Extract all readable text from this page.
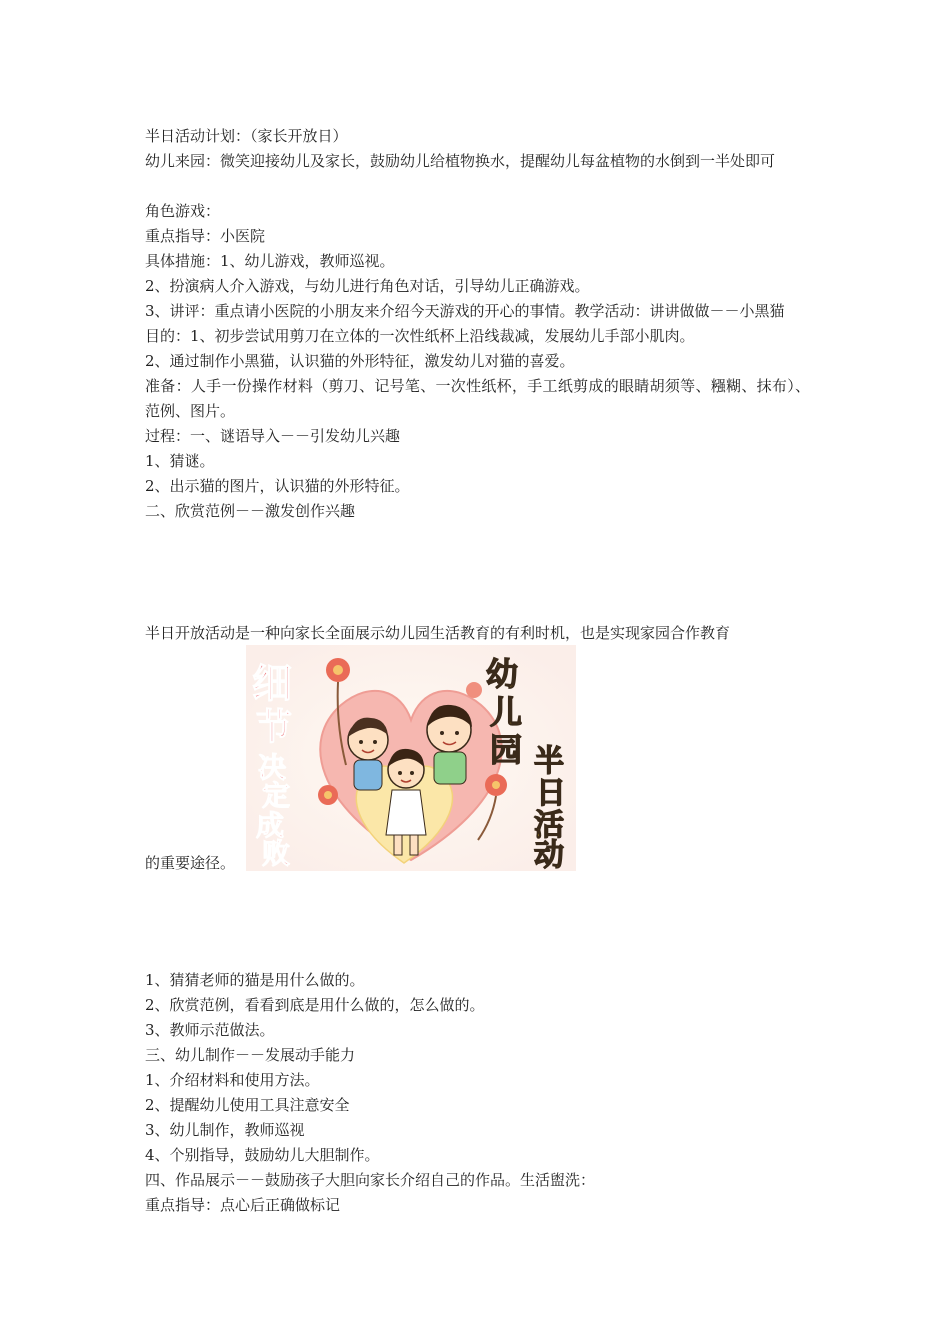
半日活动计划：（家长开放日）
幼儿来园：微笑迎接幼儿及家长，鼓励幼儿给植物换水，提醒幼儿每盆植物的水倒到一半处即可
角色游戏：
重点指导：小医院
具体措施：1、幼儿游戏，教师巡视。
2、扮演病人介入游戏，与幼儿进行角色对话，引导幼儿正确游戏。
3、讲评：重点请小医院的小朋友来介绍今天游戏的开心的事情。教学活动：讲讲做做－－小黑猫
目的：1、初步尝试用剪刀在立体的一次性纸杯上沿线裁减，发展幼儿手部小肌肉。
2、通过制作小黑猫，认识猫的外形特征，激发幼儿对猫的喜爱。
准备：人手一份操作材料（剪刀、记号笔、一次性纸杯，手工纸剪成的眼睛胡须等、糨糊、抹布）、范例、图片。
过程：一、谜语导入－－引发幼儿兴趣
1、猜谜。
2、出示猫的图片，认识猫的外形特征。
二、欣赏范例－－激发创作兴趣
半日开放活动是一种向家长全面展示幼儿园生活教育的有利时机，也是实现家园合作教育
细
节
决
定
成
败
幼
儿
园 半
日
活
动
的重要途径。
1、猜猜老师的猫是用什么做的。
2、欣赏范例，看看到底是用什么做的，怎么做的。
3、教师示范做法。
三、幼儿制作－－发展动手能力
1、介绍材料和使用方法。
2、提醒幼儿使用工具注意安全
3、幼儿制作，教师巡视
4、个别指导，鼓励幼儿大胆制作。
四、作品展示－－鼓励孩子大胆向家长介绍自己的作品。生活盥洗：
重点指导：点心后正确做标记
